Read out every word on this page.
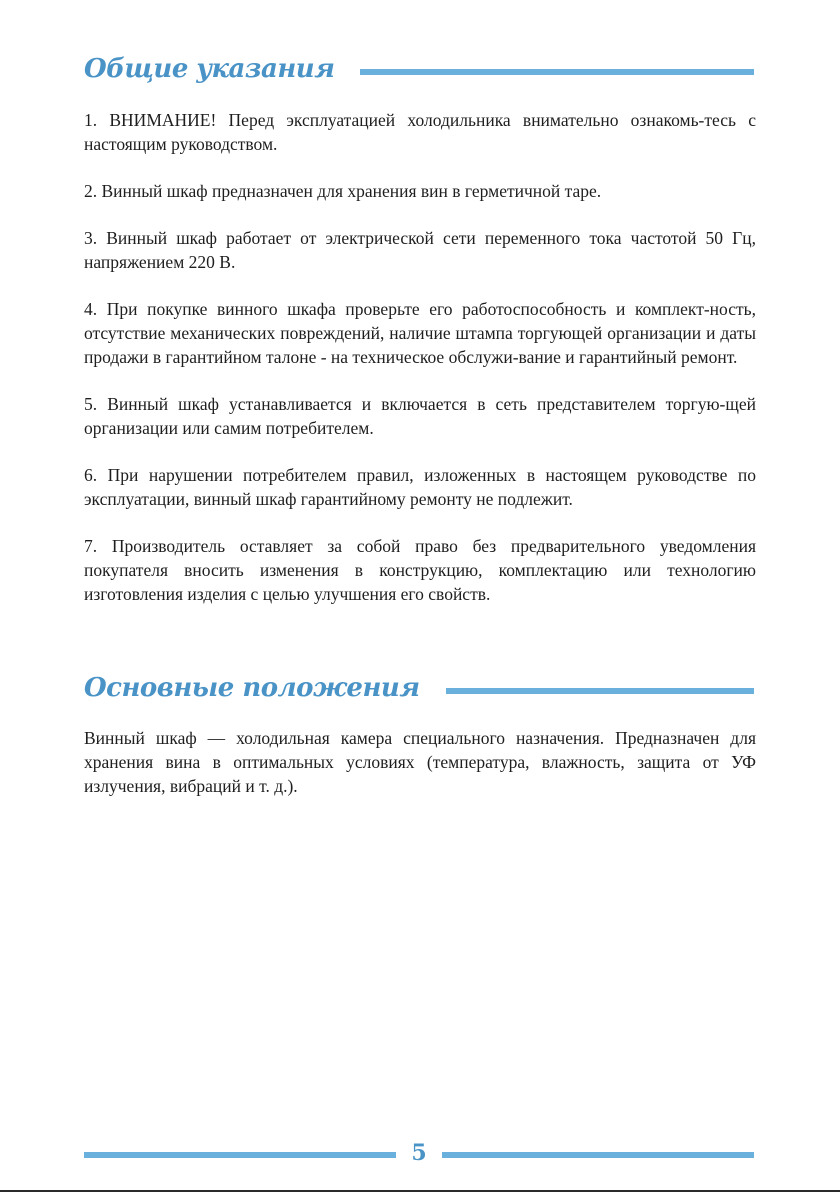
Общие указания

1. ВНИМАНИЕ! Перед эксплуатацией холодильника внимательно ознакомь-тесь с настоящим руководством.

2. Винный шкаф предназначен для хранения вин в герметичной таре.

3. Винный шкаф работает от электрической сети переменного тока частотой 50 Гц, напряжением 220 В.

4. При покупке винного шкафа проверьте его работоспособность и комплект-ность, отсутствие механических повреждений, наличие штампа торгующей организации и даты продажи в гарантийном талоне - на техническое обслужи-вание и гарантийный ремонт.

5. Винный шкаф устанавливается и включается в сеть представителем торгую-щей организации или самим потребителем.

6. При нарушении потребителем правил, изложенных в настоящем руководстве по эксплуатации, винный шкаф гарантийному ремонту не подлежит.

7. Производитель оставляет за собой право без предварительного уведомления покупателя вносить изменения в конструкцию, комплектацию или технологию изготовления изделия с целью улучшения его свойств.

Основные положения

Винный шкаф — холодильная камера специального назначения. Предназначен для хранения вина в оптимальных условиях (температура, влажность, защита от УФ излучения, вибраций и т. д.).

5
